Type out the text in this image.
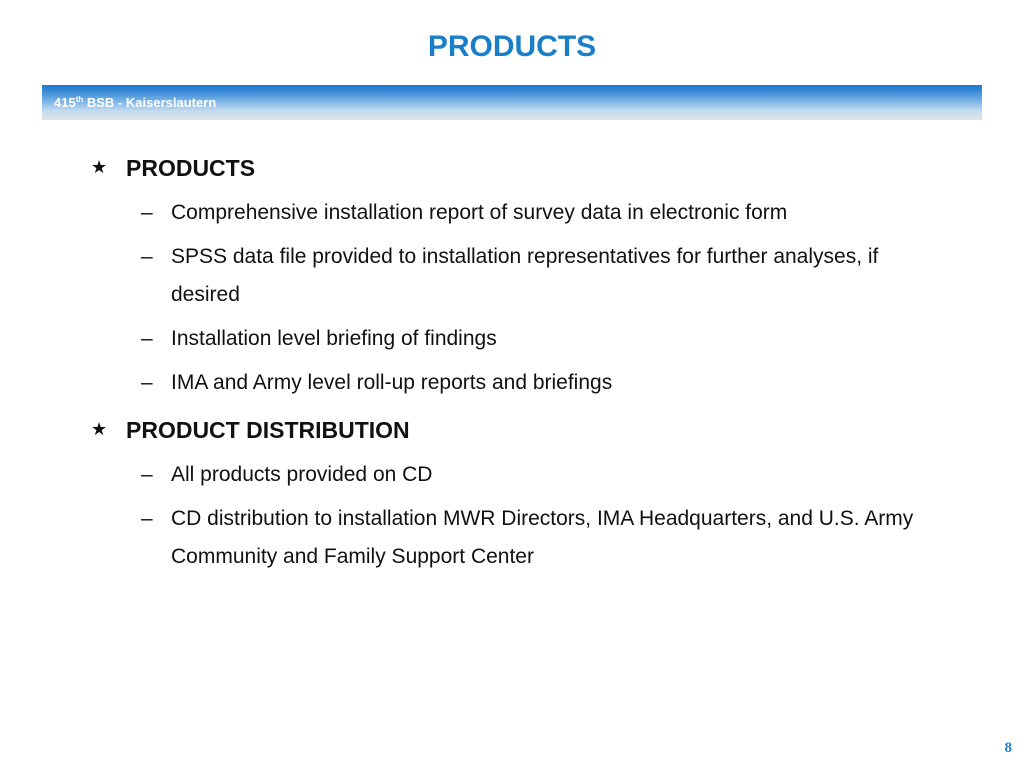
PRODUCTS
415th BSB - Kaiserslautern
★ PRODUCTS
– Comprehensive installation report of survey data in electronic form
– SPSS data file provided to installation representatives for further analyses, if desired
– Installation level briefing of findings
– IMA and Army level roll-up reports and briefings
★ PRODUCT DISTRIBUTION
– All products provided on CD
– CD distribution to installation MWR Directors, IMA Headquarters, and U.S. Army Community and Family Support Center
8
